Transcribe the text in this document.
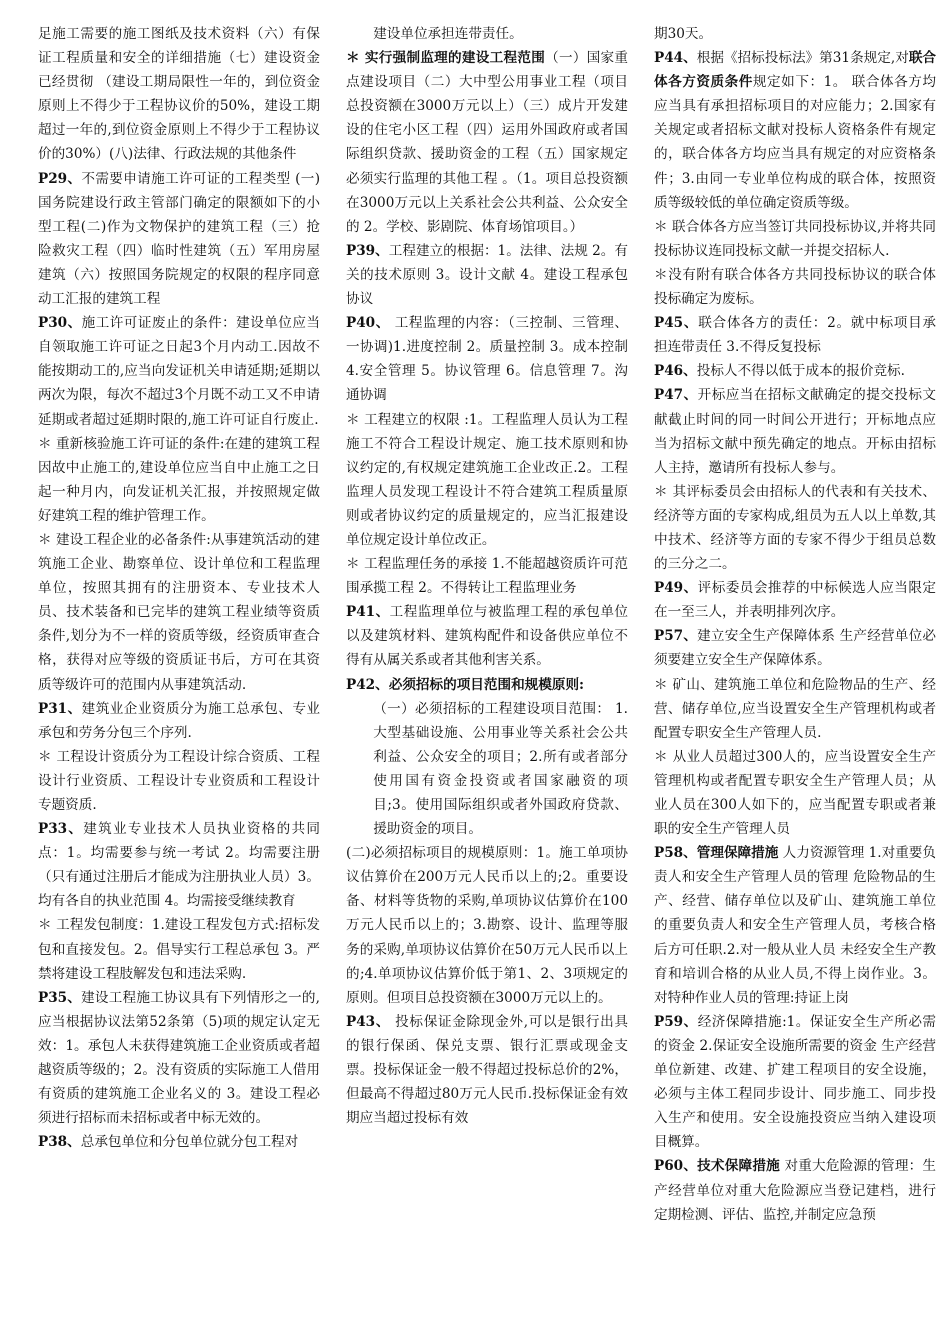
足施工需要的施工图纸及技术资料（六）有保证工程质量和安全的详细措施（七）建设资金已经贯彻 （建设工期局限性一年的，到位资金原则上不得少于工程协议价的50%，建设工期超过一年的,到位资金原则上不得少于工程协议价的30%）(八)法律、行政法规的其他条件

P29、不需要申请施工许可证的工程类型 (一)国务院建设行政主管部门确定的限额如下的小型工程(二)作为文物保护的建筑工程（三）抢险救灾工程（四）临时性建筑（五）军用房屋建筑（六）按照国务院规定的权限的程序同意动工汇报的建筑工程

P30、施工许可证废止的条件：建设单位应当自领取施工许可证之日起3个月内动工.因故不能按期动工的,应当向发证机关申请延期;延期以两次为限，每次不超过3个月既不动工又不申请延期或者超过延期时限的,施工许可证自行废止.

＊ 重新核验施工许可证的条件:在建的建筑工程因故中止施工的,建设单位应当自中止施工之日起一种月内，向发证机关汇报，并按照规定做好建筑工程的维护管理工作。

＊ 建设工程企业的必备条件:从事建筑活动的建筑施工企业、勘察单位、设计单位和工程监理单位，按照其拥有的注册资本、专业技术人员、技术装备和已完毕的建筑工程业绩等资质条件,划分为不一样的资质等级，经资质审查合格，获得对应等级的资质证书后，方可在其资质等级许可的范围内从事建筑活动.

P31、建筑业企业资质分为施工总承包、专业承包和劳务分包三个序列.

＊ 工程设计资质分为工程设计综合资质、工程设计行业资质、工程设计专业资质和工程设计专题资质.

P33、建筑业专业技术人员执业资格的共同点：1。均需要参与统一考试 2。均需要注册（只有通过注册后才能成为注册执业人员）3。均有各自的执业范围 4。均需接受继续教育

＊ 工程发包制度：1.建设工程发包方式:招标发包和直接发包。2。倡导实行工程总承包 3。严禁将建设工程肢解发包和违法采购.

P35、建设工程施工协议具有下列情形之一的,应当根据协议法第52条第（5)项的规定认定无效：1。承包人未获得建筑施工企业资质或者超越资质等级的；2。没有资质的实际施工人借用有资质的建筑施工企业名义的 3。建设工程必须进行招标而未招标或者中标无效的。

P38、总承包单位和分包单位就分包工程对

建设单位承担连带责任。

＊ 实行强制监理的建设工程范围（一）国家重点建设项目（二）大中型公用事业工程（项目总投资额在3000万元以上）（三）成片开发建设的住宅小区工程（四）运用外国政府或者国际组织贷款、援助资金的工程（五）国家规定必须实行监理的其他工程 。（1。项目总投资额在3000万元以上关系社会公共利益、公众安全的 2。学校、影剧院、体育场馆项目。）

P39、工程建立的根据：1。法律、法规 2。有关的技术原则 3。设计文献 4。建设工程承包协议

P40、 工程监理的内容：（三控制、三管理、一协调)1.进度控制 2。质量控制 3。成本控制 4.安全管理 5。协议管理 6。信息管理 7。沟通协调

＊ 工程建立的权限 :1。工程监理人员认为工程施工不符合工程设计规定、施工技术原则和协议约定的,有权规定建筑施工企业改正.2。工程监理人员发现工程设计不符合建筑工程质量原则或者协议约定的质量规定的，应当汇报建设单位规定设计单位改正。

＊ 工程监理任务的承接 1.不能超越资质许可范围承揽工程 2。不得转让工程监理业务

P41、工程监理单位与被监理工程的承包单位以及建筑材料、建筑构配件和设备供应单位不得有从属关系或者其他利害关系。

P42、必须招标的项目范围和规模原则:

（一）必须招标的工程建设项目范围： 1.大型基础设施、公用事业等关系社会公共利益、公众安全的项目；2.所有或者部分使用国有资金投资或者国家融资的项目;3。使用国际组织或者外国政府贷款、援助资金的项目。

(二)必须招标项目的规模原则：1。施工单项协议估算价在200万元人民币以上的;2。重要设备、材料等货物的采购,单项协议估算价在100万元人民币以上的；3.勘察、设计、监理等服务的采购,单项协议估算价在50万元人民币以上的;4.单项协议估算价低于第1、2、3项规定的原则。但项目总投资额在3000万元以上的。

P43、 投标保证金除现金外,可以是银行出具的银行保函、保兑支票、银行汇票或现金支票。投标保证金一般不得超过投标总价的2%，但最高不得超过80万元人民币.投标保证金有效期应当超过投标有效

期30天。

P44、根据《招标投标法》第31条规定,对联合体各方资质条件规定如下：1。 联合体各方均应当具有承担招标项目的对应能力；2.国家有关规定或者招标文献对投标人资格条件有规定的，联合体各方均应当具有规定的对应资格条件；3.由同一专业单位构成的联合体，按照资质等级较低的单位确定资质等级。

＊ 联合体各方应当签订共同投标协议,并将共同投标协议连同投标文献一并提交招标人.

＊没有附有联合体各方共同投标协议的联合体投标确定为废标。

P45、联合体各方的责任：2。就中标项目承担连带责任 3.不得反复投标

P46、投标人不得以低于成本的报价竞标.

P47、开标应当在招标文献确定的提交投标文献截止时间的同一时间公开进行；开标地点应当为招标文献中预先确定的地点。开标由招标人主持，邀请所有投标人参与。

＊ 其评标委员会由招标人的代表和有关技术、经济等方面的专家构成,组员为五人以上单数,其中技术、经济等方面的专家不得少于组员总数的三分之二。

P49、评标委员会推荐的中标候选人应当限定在一至三人，并表明排列次序。

P57、建立安全生产保障体系 生产经营单位必须要建立安全生产保障体系。

＊ 矿山、建筑施工单位和危险物品的生产、经营、储存单位,应当设置安全生产管理机构或者配置专职安全生产管理人员.

＊ 从业人员超过300人的，应当设置安全生产管理机构或者配置专职安全生产管理人员；从业人员在300人如下的，应当配置专职或者兼职的安全生产管理人员

P58、管理保障措施 人力资源管理 1.对重要负责人和安全生产管理人员的管理 危险物品的生产、经营、储存单位以及矿山、建筑施工单位的重要负责人和安全生产管理人员，考核合格后方可任职.2.对一般从业人员 未经安全生产教育和培训合格的从业人员,不得上岗作业。3。对特种作业人员的管理:持证上岗

P59、经济保障措施:1。保证安全生产所必需的资金 2.保证安全设施所需要的资金 生产经营单位新建、改建、扩建工程项目的安全设施，必须与主体工程同步设计、同步施工、同步投入生产和使用。安全设施投资应当纳入建设项目概算。

P60、技术保障措施 对重大危险源的管理：生产经营单位对重大危险源应当登记建档，进行定期检测、评估、监控,并制定应急预
